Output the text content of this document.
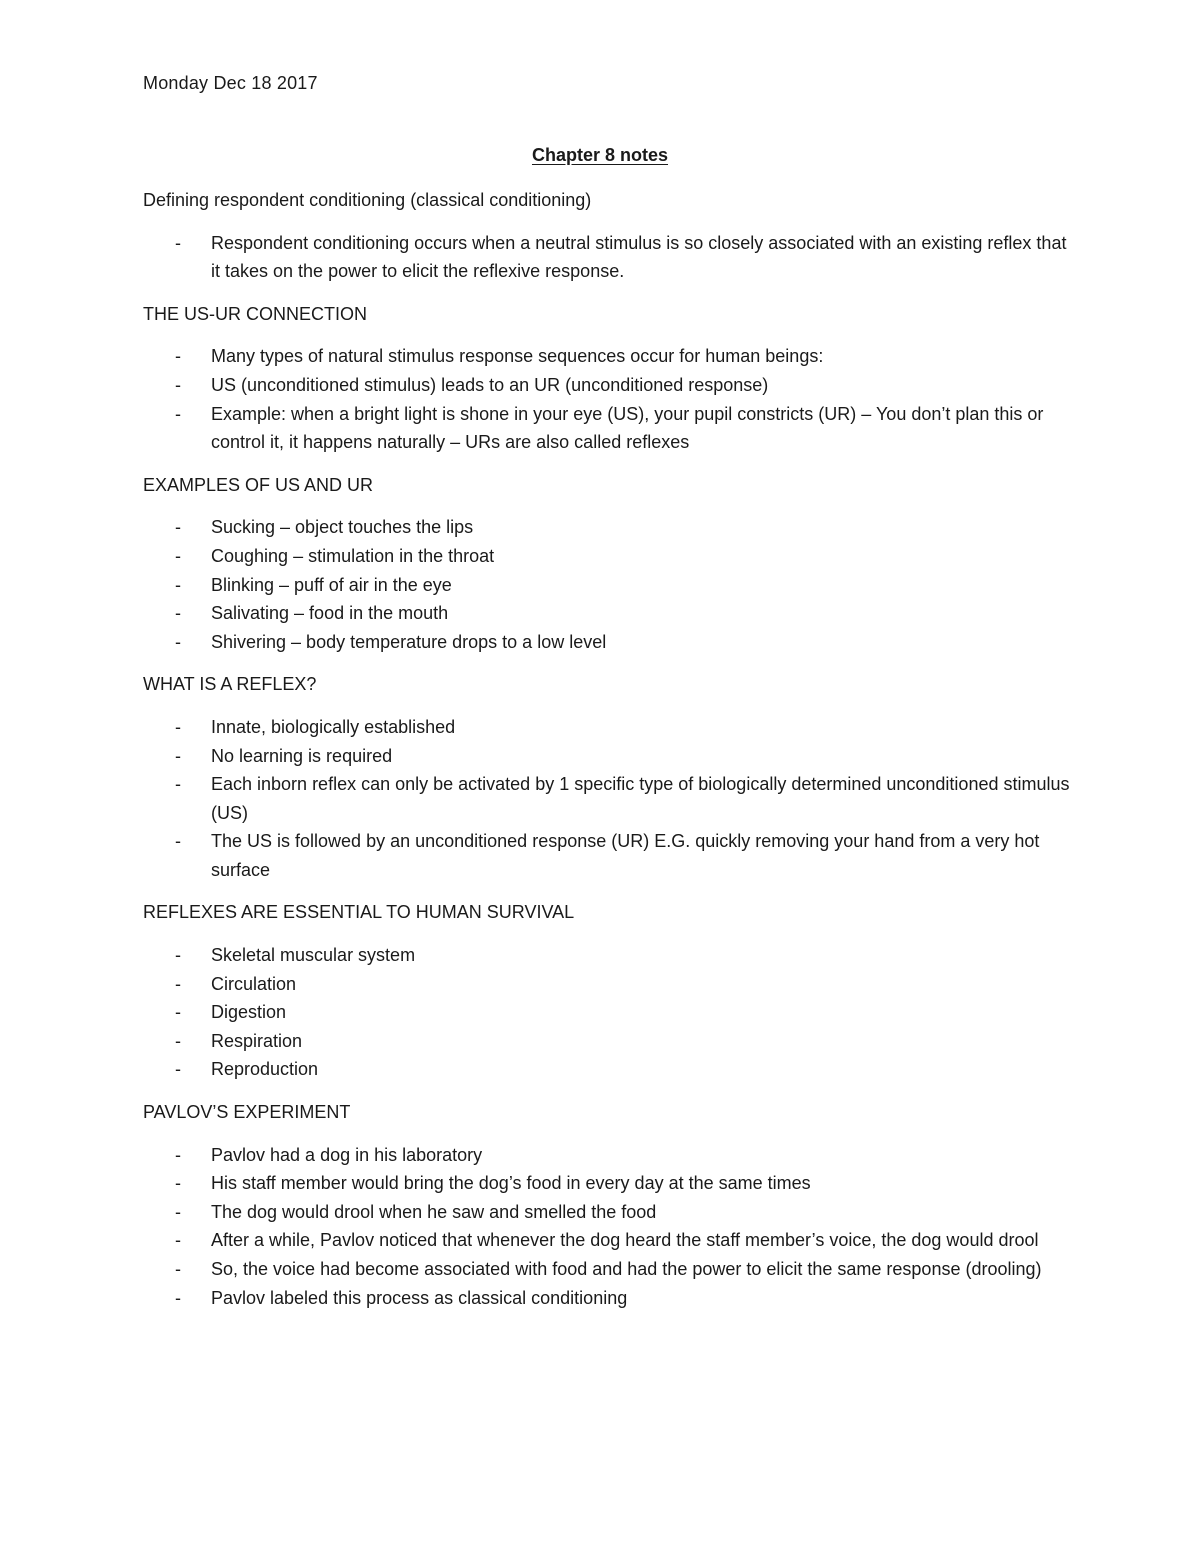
Monday Dec 18 2017
Chapter 8 notes
Defining respondent conditioning (classical conditioning)
- Respondent conditioning occurs when a neutral stimulus is so closely associated with an existing reflex that it takes on the power to elicit the reflexive response.
THE US-UR CONNECTION
- Many types of natural stimulus response sequences occur for human beings:
- US (unconditioned stimulus) leads to an UR (unconditioned response)
- Example: when a bright light is shone in your eye (US), your pupil constricts (UR) – You don’t plan this or control it, it happens naturally – URs are also called reflexes
EXAMPLES OF US AND UR
- Sucking – object touches the lips
- Coughing – stimulation in the throat
- Blinking – puff of air in the eye
- Salivating – food in the mouth
- Shivering – body temperature drops to a low level
WHAT IS A REFLEX?
- Innate, biologically established
- No learning is required
- Each inborn reflex can only be activated by 1 specific type of biologically determined unconditioned stimulus (US)
- The US is followed by an unconditioned response (UR) E.G. quickly removing your hand from a very hot surface
REFLEXES ARE ESSENTIAL TO HUMAN SURVIVAL
- Skeletal muscular system
- Circulation
- Digestion
- Respiration
- Reproduction
PAVLOV’S EXPERIMENT
- Pavlov had a dog in his laboratory
- His staff member would bring the dog’s food in every day at the same times
- The dog would drool when he saw and smelled the food
- After a while, Pavlov noticed that whenever the dog heard the staff member’s voice, the dog would drool
- So, the voice had become associated with food and had the power to elicit the same response (drooling)
- Pavlov labeled this process as classical conditioning
